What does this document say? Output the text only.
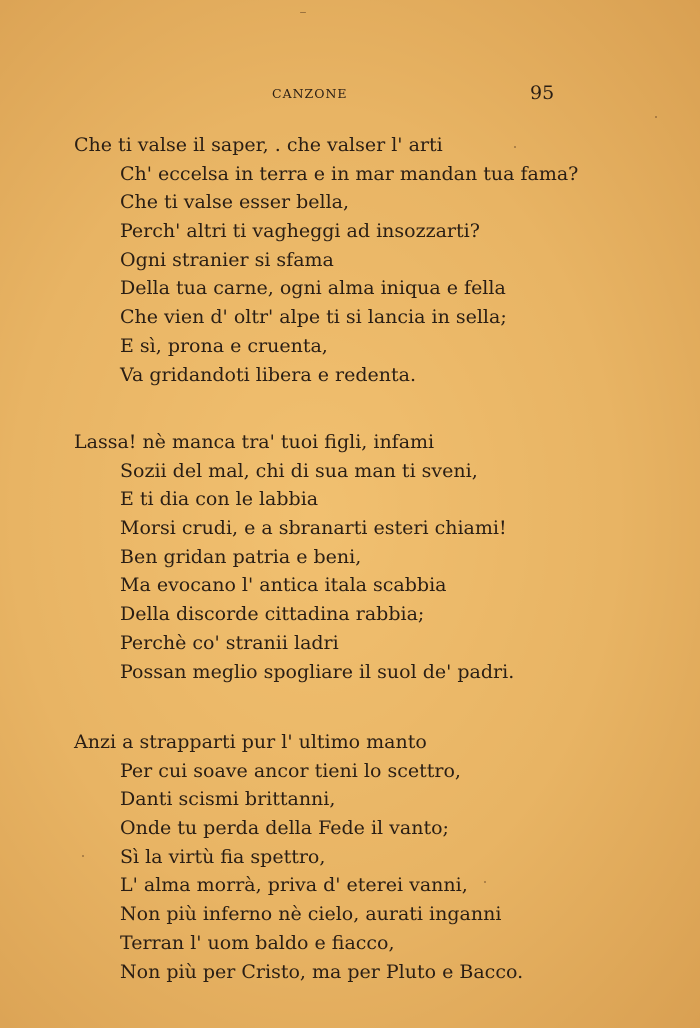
CANZONE	95
Che ti valse il saper, . che valser l' arti
Ch' eccelsa in terra e in mar mandan tua fama?
Che ti valse esser bella,
Perch' altri ti vagheggi ad insozzarti?
Ogni stranier si sfama
Della tua carne, ogni alma iniqua e fella
Che vien d' oltr' alpe ti si lancia in sella;
E sì, prona e cruenta,
Va gridandoti libera e redenta.
Lassa! nè manca tra' tuoi figli, infami
Sozii del mal, chi di sua man ti sveni,
E ti dia con le labbia
Morsi crudi, e a sbranarti esteri chiami!
Ben gridan patria e beni,
Ma evocano l' antica itala scabbia
Della discorde cittadina rabbia;
Perchè co' stranii ladri
Possan meglio spogliare il suol de' padri.
Anzi a strapparti pur l' ultimo manto
Per cui soave ancor tieni lo scettro,
Danti scismi brittanni,
Onde tu perda della Fede il vanto;
Sì la virtù fia spettro,
L' alma morrà, priva d' eterei vanni,
Non più inferno nè cielo, aurati inganni
Terran l' uom baldo e fiacco,
Non più per Cristo, ma per Pluto e Bacco.
